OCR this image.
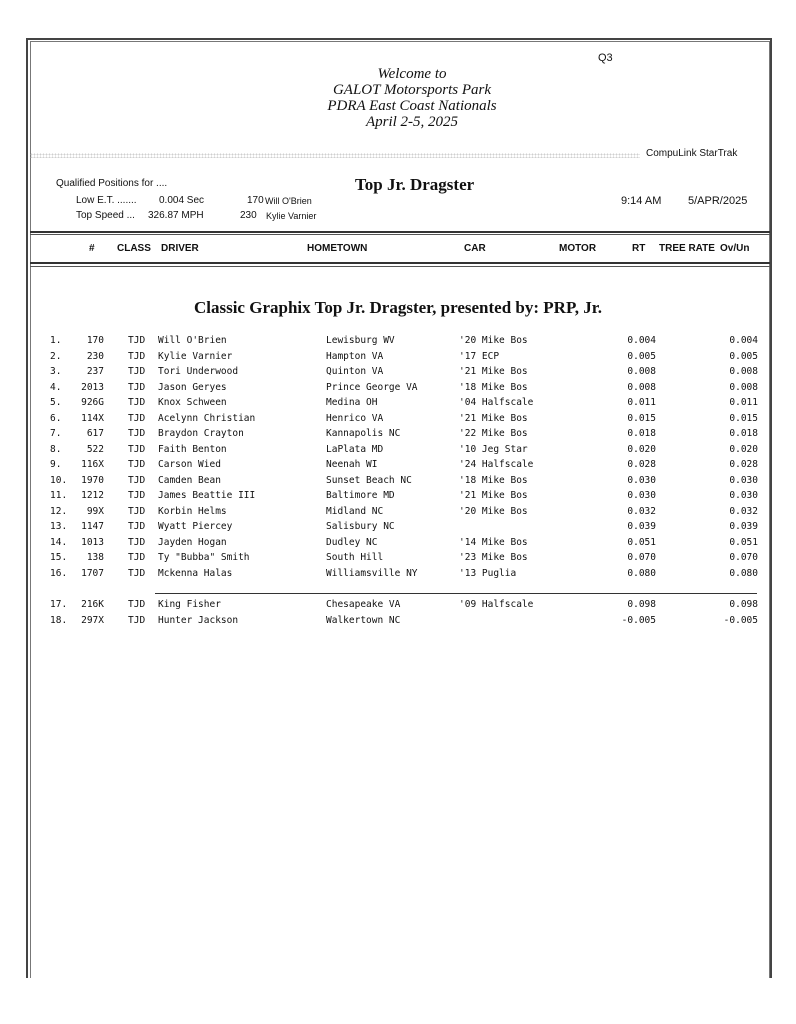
Q3
Welcome to
GALOT Motorsports Park
PDRA East Coast Nationals
April 2-5, 2025
CompuLink StarTrak
Top Jr. Dragster
Qualified Positions for ....
Low E.T. ....... 0.004 Sec	170 Will O'Brien
Top Speed ... 326.87 MPH	230 Kylie Varnier
9:14 AM 5/APR/2025
# CLASS DRIVER	HOMETOWN	CAR	MOTOR	RT TREE RATE Ov/Un
Classic Graphix Top Jr. Dragster, presented by: PRP, Jr.
1.	170	TJD Will O'Brien	Lewisburg WV	'20 Mike Bos	0.004	0.004
2.	230	TJD Kylie Varnier	Hampton VA	'17 ECP	0.005	0.005
3.	237	TJD Tori Underwood	Quinton VA	'21 Mike Bos	0.008	0.008
4.	2013	TJD Jason Geryes	Prince George VA	'18 Mike Bos	0.008	0.008
5.	926G	TJD Knox Schween	Medina OH	'04 Halfscale	0.011	0.011
6.	114X	TJD Acelynn Christian	Henrico VA	'21 Mike Bos	0.015	0.015
7.	617	TJD Braydon Crayton	Kannapolis NC	'22 Mike Bos	0.018	0.018
8.	522	TJD Faith Benton	LaPlata MD	'10 Jeg Star	0.020	0.020
9.	116X	TJD Carson Wied	Neenah WI	'24 Halfscale	0.028	0.028
10.	1970	TJD Camden Bean	Sunset Beach NC	'18 Mike Bos	0.030	0.030
11.	1212	TJD James Beattie III	Baltimore MD	'21 Mike Bos	0.030	0.030
12.	99X	TJD Korbin Helms	Midland NC	'20 Mike Bos	0.032	0.032
13.	1147	TJD Wyatt Piercey	Salisbury NC	0.039	0.039
14.	1013	TJD Jayden Hogan	Dudley NC	'14 Mike Bos	0.051	0.051
15.	138	TJD Ty "Bubba" Smith	South Hill	'23 Mike Bos	0.070	0.070
16.	1707	TJD Mckenna Halas	Williamsville NY	'13 Puglia	0.080	0.080
17.	216K	TJD King Fisher	Chesapeake VA	'09 Halfscale	0.098	0.098
18.	297X	TJD Hunter Jackson	Walkertown NC	-0.005	-0.005
